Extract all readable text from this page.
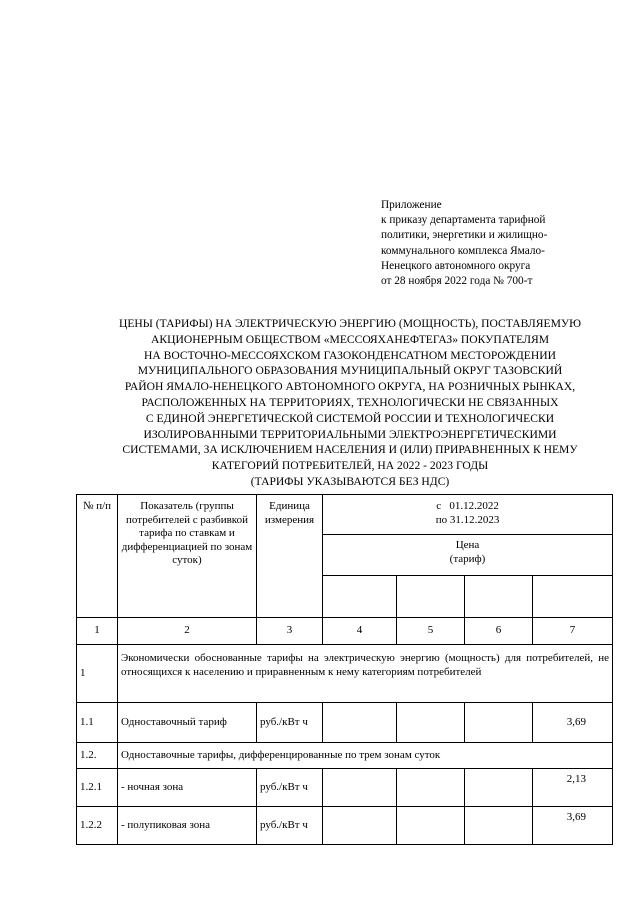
Приложение
к приказу департамента тарифной
политики, энергетики и жилищно-
коммунального комплекса Ямало-
Ненецкого автономного округа
от 28 ноября 2022 года № 700-т
ЦЕНЫ (ТАРИФЫ) НА ЭЛЕКТРИЧЕСКУЮ ЭНЕРГИЮ (МОЩНОСТЬ), ПОСТАВЛЯЕМУЮ
АКЦИОНЕРНЫМ ОБЩЕСТВОМ «МЕССОЯХАНЕФТЕГАЗ» ПОКУПАТЕЛЯМ
НА ВОСТОЧНО-МЕССОЯХСКОМ ГАЗОКОНДЕНСАТНОМ МЕСТОРОЖДЕНИИ
МУНИЦИПАЛЬНОГО ОБРАЗОВАНИЯ МУНИЦИПАЛЬНЫЙ ОКРУГ ТАЗОВСКИЙ
РАЙОН ЯМАЛО-НЕНЕЦКОГО АВТОНОМНОГО ОКРУГА, НА РОЗНИЧНЫХ РЫНКАХ,
РАСПОЛОЖЕННЫХ НА ТЕРРИТОРИЯХ, ТЕХНОЛОГИЧЕСКИ НЕ СВЯЗАННЫХ
С ЕДИНОЙ ЭНЕРГЕТИЧЕСКОЙ СИСТЕМОЙ РОССИИ И ТЕХНОЛОГИЧЕСКИ
ИЗОЛИРОВАННЫМИ ТЕРРИТОРИАЛЬНЫМИ ЭЛЕКТРОЭНЕРГЕТИЧЕСКИМИ
СИСТЕМАМИ, ЗА ИСКЛЮЧЕНИЕМ НАСЕЛЕНИЯ И (ИЛИ) ПРИРАВНЕННЫХ К НЕМУ
КАТЕГОРИЙ ПОТРЕБИТЕЛЕЙ, НА 2022 - 2023 ГОДЫ
(ТАРИФЫ УКАЗЫВАЮТСЯ БЕЗ НДС)
№ п/п	Показатель (группы потребителей с разбивкой тарифа по ставкам и дифференциацией по зонам суток)	Единица измерения	с   01.12.2022
по 31.12.2023			

			Цена
(тариф)			

1	2	3	4	5	6	7
1	Экономически обоснованные тарифы на электрическую энергию (мощность) для потребителей, не относящихся к населению и приравненным к нему категориям потребителей					
1.1	Одноставочный тариф	руб./кВт ч				3,69
1.2.	Одноставочные тарифы, дифференцированные по трем зонам суток					
1.2.1	- ночная зона	руб./кВт ч				2,13
1.2.2	- полупиковая зона	руб./кВт ч				3,69
